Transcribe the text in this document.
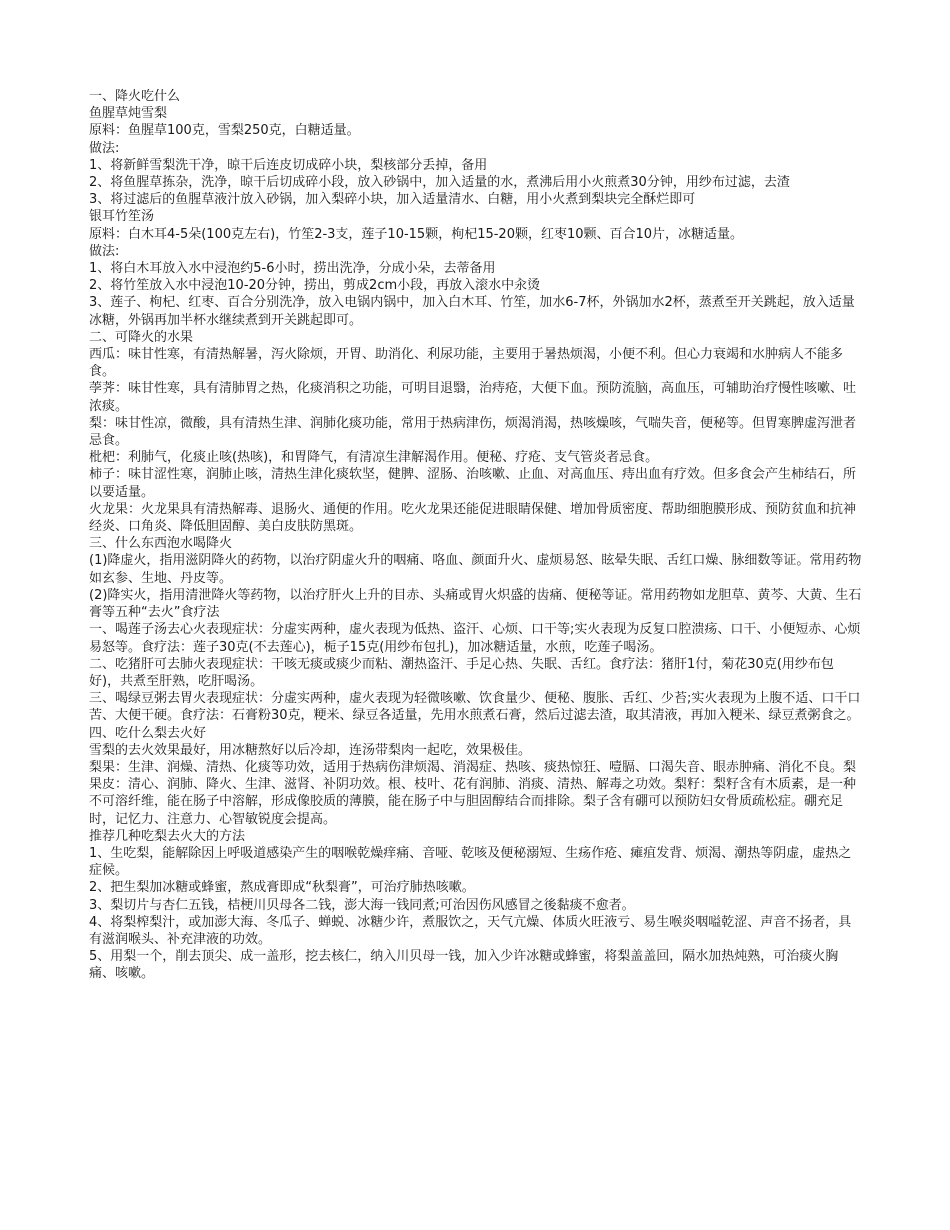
一、降火吃什么

鱼腥草炖雪梨

原料：鱼腥草100克，雪梨250克，白糖适量。

做法:

1、将新鲜雪梨洗干净，晾干后连皮切成碎小块，梨核部分丢掉，备用

2、将鱼腥草拣杂，洗净，晾干后切成碎小段，放入砂锅中，加入适量的水，煮沸后用小火煎煮30分钟，用纱布过滤，去渣

3、将过滤后的鱼腥草液汁放入砂锅，加入梨碎小块，加入适量清水、白糖，用小火煮到梨块完全酥烂即可

银耳竹笙汤

原料：白木耳4-5朵(100克左右)，竹笙2-3支，莲子10-15颗，枸杞15-20颗，红枣10颗、百合10片，冰糖适量。

做法:

1、将白木耳放入水中浸泡约5-6小时，捞出洗净，分成小朵，去蒂备用

2、将竹笙放入水中浸泡10-20分钟，捞出，剪成2cm小段，再放入滚水中汆烫

3、莲子、枸杞、红枣、百合分别洗净，放入电锅内锅中，加入白木耳、竹笙，加水6-7杯，外锅加水2杯，蒸煮至开关跳起，放入适量冰糖，外锅再加半杯水继续煮到开关跳起即可。

二、可降火的水果

西瓜：味甘性寒，有清热解暑，泻火除烦，开胃、助消化、利尿功能，主要用于暑热烦渴，小便不利。但心力衰竭和水肿病人不能多食。

荸荠：味甘性寒，具有清肺胃之热，化痰消积之功能，可明目退翳，治痔疮，大便下血。预防流脑，高血压，可辅助治疗慢性咳嗽、吐浓痰。

梨：味甘性凉，微酸，具有清热生津、润肺化痰功能，常用于热病津伤，烦渴消渴，热咳燥咳，气喘失音，便秘等。但胃寒脾虚泻泄者忌食。

枇杷：利肺气，化痰止咳(热咳)，和胃降气，有清凉生津解渴作用。便秘、疗疮、支气管炎者忌食。

柿子：味甘涩性寒，润肺止咳，清热生津化痰软坚，健脾、涩肠、治咳嗽、止血、对高血压、痔出血有疗效。但多食会产生柿结石，所以要适量。

火龙果：火龙果具有清热解毒、退肠火、通便的作用。吃火龙果还能促进眼睛保健、增加骨质密度、帮助细胞膜形成、预防贫血和抗神经炎、口角炎、降低胆固醇、美白皮肤防黑斑。

三、什么东西泡水喝降火

(1)降虚火，指用滋阴降火的药物，以治疗阴虚火升的咽痛、咯血、颜面升火、虚烦易怒、眩晕失眠、舌红口燥、脉细数等证。常用药物如玄参、生地、丹皮等。

(2)降实火，指用清泄降火等药物，以治疗肝火上升的目赤、头痛或胃火炽盛的齿痛、便秘等证。常用药物如龙胆草、黄芩、大黄、生石膏等五种“去火”食疗法

一、喝莲子汤去心火表现症状：分虚实两种，虚火表现为低热、盗汗、心烦、口干等;实火表现为反复口腔溃疡、口干、小便短赤、心烦易怒等。食疗法：莲子30克(不去莲心)，栀子15克(用纱布包扎)，加冰糖适量，水煎，吃莲子喝汤。

二、吃猪肝可去肺火表现症状：干咳无痰或痰少而粘、潮热盗汗、手足心热、失眠、舌红。食疗法：猪肝1付，菊花30克(用纱布包好)，共煮至肝熟，吃肝喝汤。

三、喝绿豆粥去胃火表现症状：分虚实两种，虚火表现为轻微咳嗽、饮食量少、便秘、腹胀、舌红、少苔;实火表现为上腹不适、口干口苦、大便干硬。食疗法：石膏粉30克，粳米、绿豆各适量，先用水煎煮石膏，然后过滤去渣，取其清液，再加入粳米、绿豆煮粥食之。

四、吃什么梨去火好

雪梨的去火效果最好，用冰糖熬好以后冷却，连汤带梨肉一起吃，效果极佳。

梨果：生津、润燥、清热、化痰等功效，适用于热病伤津烦渴、消渴症、热咳、痰热惊狂、噎膈、口渴失音、眼赤肿痛、消化不良。梨果皮：清心、润肺、降火、生津、滋肾、补阴功效。根、枝叶、花有润肺、消痰、清热、解毒之功效。梨籽：梨籽含有木质素，是一种不可溶纤维，能在肠子中溶解，形成像胶质的薄膜，能在肠子中与胆固醇结合而排除。梨子含有硼可以预防妇女骨质疏松症。硼充足时，记忆力、注意力、心智敏锐度会提高。

推荐几种吃梨去火大的方法

1、生吃梨，能解除因上呼吸道感染产生的咽喉乾燥痒痛、音哑、乾咳及便秘溺短、生疡作疮、瘫疽发背、烦渴、潮热等阴虚，虚热之症候。

2、把生梨加冰糖或蜂蜜，熬成膏即成“秋梨膏”，可治疗肺热咳嗽。

3、梨切片与杏仁五钱，桔梗川贝母各二钱，澎大海一钱同煮;可治因伤风感冒之後黏痰不愈者。

4、将梨榨梨汁，或加澎大海、冬瓜子、蝉蜕、冰糖少许，煮服饮之，天气亢燥、体质火旺液亏、易生喉炎咽嗌乾涩、声音不扬者，具有滋润喉头、补充津液的功效。

5、用梨一个，削去顶尖、成一盖形，挖去核仁，纳入川贝母一钱，加入少许冰糖或蜂蜜，将梨盖盖回，隔水加热炖熟，可治痰火胸痛、咳嗽。
